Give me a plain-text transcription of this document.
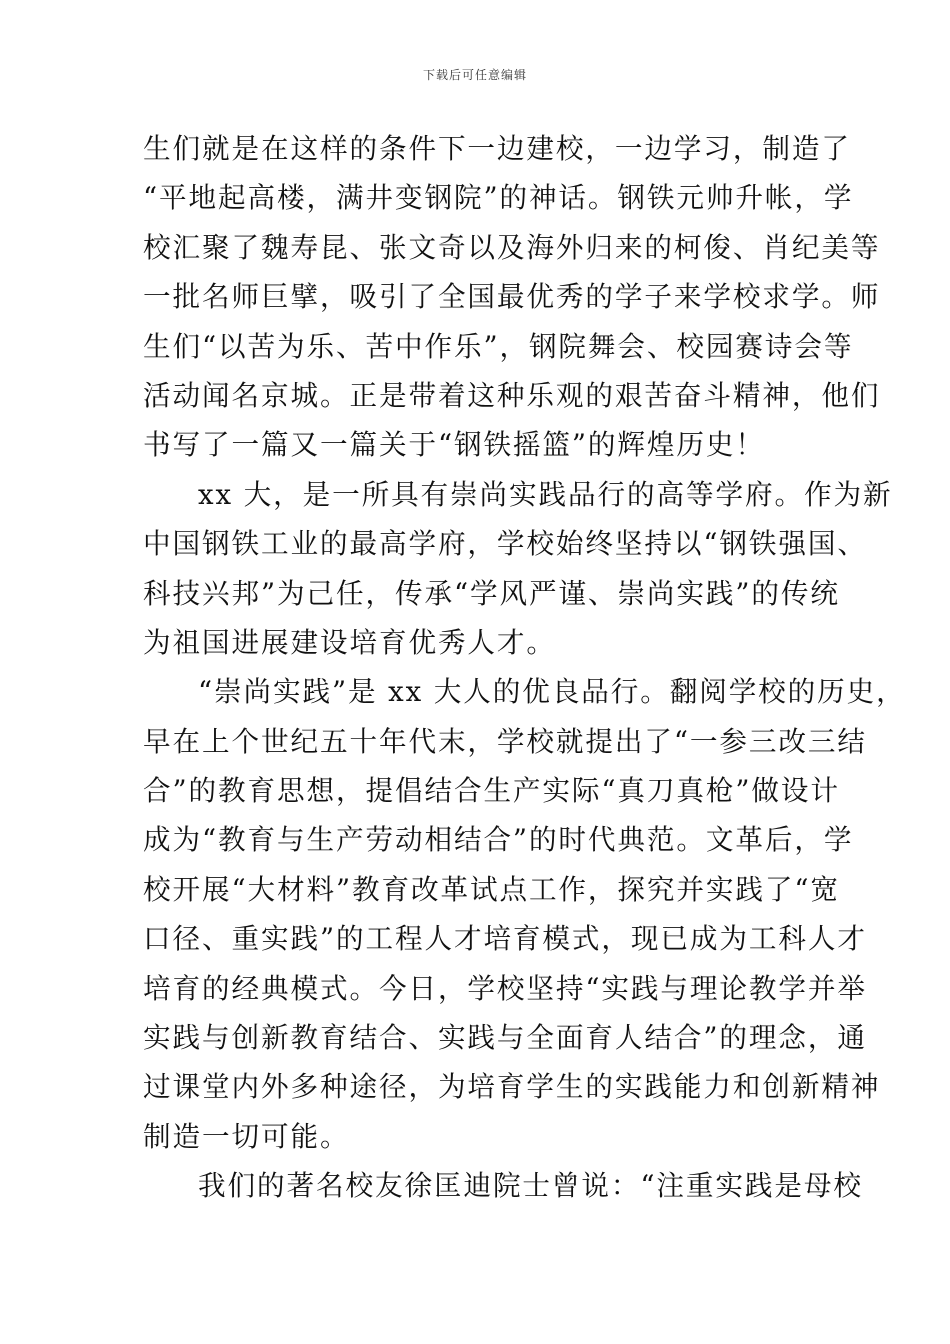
下载后可任意编辑
生们就是在这样的条件下一边建校，一边学习，制造了
“平地起高楼，满井变钢院”的神话。钢铁元帅升帐，学
校汇聚了魏寿昆、张文奇以及海外归来的柯俊、肖纪美等
一批名师巨擘，吸引了全国最优秀的学子来学校求学。师
生们“以苦为乐、苦中作乐”，钢院舞会、校园赛诗会等
活动闻名京城。正是带着这种乐观的艰苦奋斗精神，他们
书写了一篇又一篇关于“钢铁摇篮”的辉煌历史！
xx 大，是一所具有崇尚实践品行的高等学府。作为新
中国钢铁工业的最高学府，学校始终坚持以“钢铁强国、
科技兴邦”为己任，传承“学风严谨、崇尚实践”的传统
为祖国进展建设培育优秀人才。
“崇尚实践”是 xx 大人的优良品行。翻阅学校的历史，
早在上个世纪五十年代末，学校就提出了“一参三改三结
合”的教育思想，提倡结合生产实际“真刀真枪”做设计
成为“教育与生产劳动相结合”的时代典范。文革后，学
校开展“大材料”教育改革试点工作，探究并实践了“宽
口径、重实践”的工程人才培育模式，现已成为工科人才
培育的经典模式。今日，学校坚持“实践与理论教学并举
实践与创新教育结合、实践与全面育人结合”的理念，通
过课堂内外多种途径，为培育学生的实践能力和创新精神
制造一切可能。
我们的著名校友徐匡迪院士曾说：“注重实践是母校
